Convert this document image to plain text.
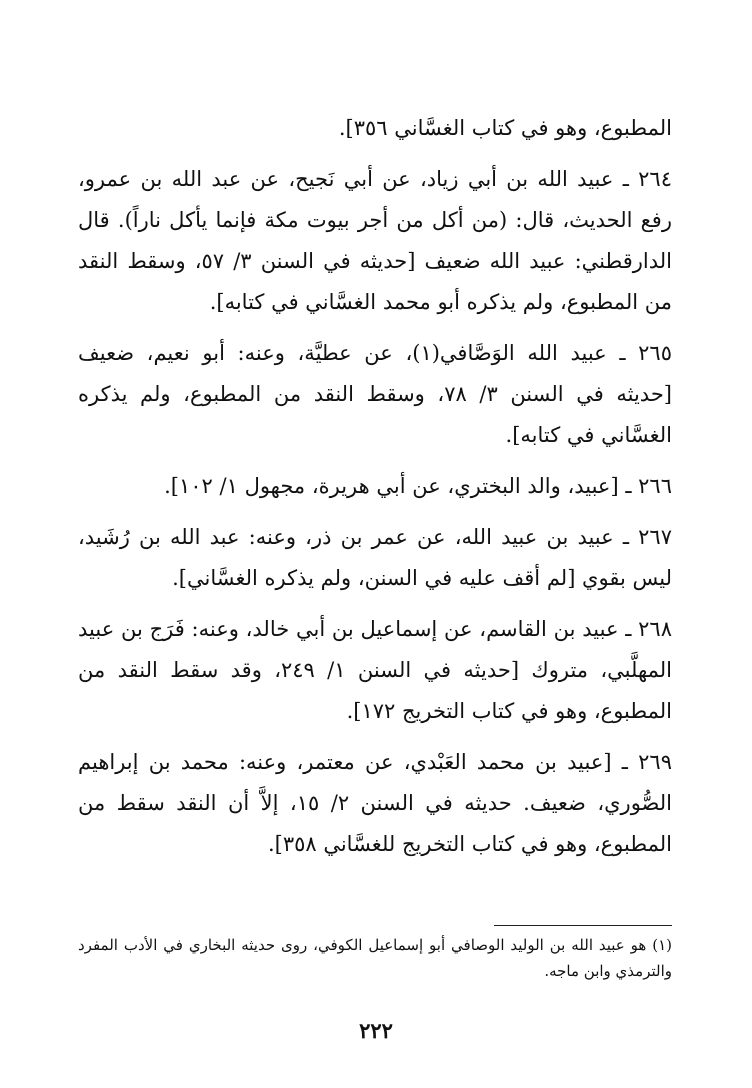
المطبوع، وهو في كتاب الغسَّاني ٣٥٦].

٢٦٤ ـ عبيد الله بن أبي زياد، عن أبي نَجيح، عن عبد الله بن عمرو، رفع الحديث، قال: (من أكل من أجر بيوت مكة فإنما يأكل ناراً). قال الدارقطني: عبيد الله ضعيف [حديثه في السنن ٣/ ٥٧، وسقط النقد من المطبوع، ولم يذكره أبو محمد الغسَّاني في كتابه].

٢٦٥ ـ عبيد الله الوَصَّافي(١)، عن عطيَّة، وعنه: أبو نعيم، ضعيف [حديثه في السنن ٣/ ٧٨، وسقط النقد من المطبوع، ولم يذكره الغسَّاني في كتابه].

٢٦٦ ـ [عبيد، والد البختري، عن أبي هريرة، مجهول ١/ ١٠٢].

٢٦٧ ـ عبيد بن عبيد الله، عن عمر بن ذر، وعنه: عبد الله بن رُشَيد، ليس بقوي [لم أقف عليه في السنن، ولم يذكره الغسَّاني].

٢٦٨ ـ عبيد بن القاسم، عن إسماعيل بن أبي خالد، وعنه: فَرَج بن عبيد المهلَّبي، متروك [حديثه في السنن ١/ ٢٤٩، وقد سقط النقد من المطبوع، وهو في كتاب التخريج ١٧٢].

٢٦٩ ـ [عبيد بن محمد العَبْدي، عن معتمر، وعنه: محمد بن إبراهيم الصُّوري، ضعيف. حديثه في السنن ٢/ ١٥، إلاَّ أن النقد سقط من المطبوع، وهو في كتاب التخريج للغسَّاني ٣٥٨].

(١) هو عبيد الله بن الوليد الوصافي أبو إسماعيل الكوفي، روى حديثه البخاري في الأدب المفرد والترمذي وابن ماجه.

٢٢٢
